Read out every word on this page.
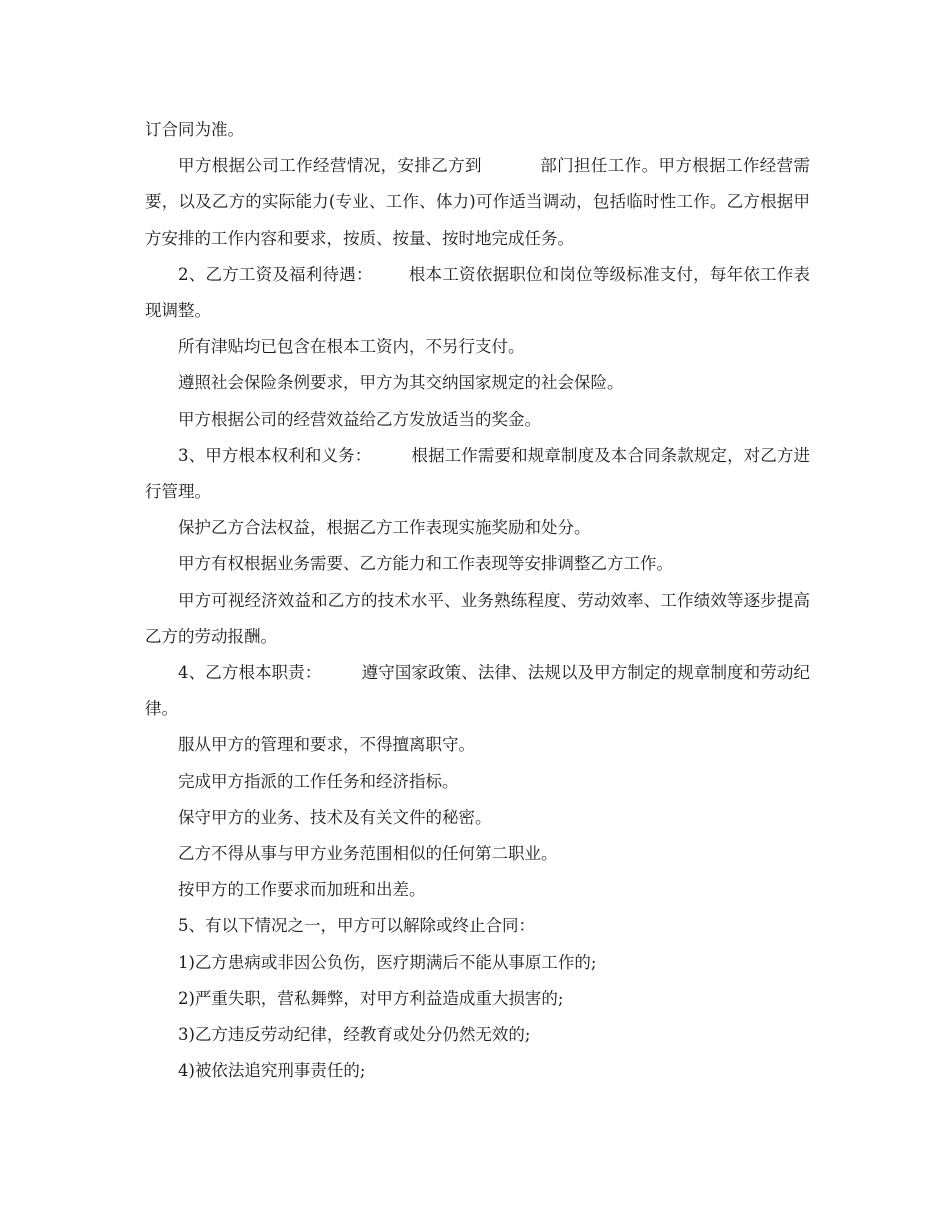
订合同为准。

甲方根据公司工作经营情况，安排乙方到	部门担任工作。甲方根据工作经营需要，以及乙方的实际能力(专业、工作、体力)可作适当调动，包括临时性工作。乙方根据甲方安排的工作内容和要求，按质、按量、按时地完成任务。

2、乙方工资及福利待遇： 根本工资依据职位和岗位等级标准支付，每年依工作表现调整。

所有津贴均已包含在根本工资内，不另行支付。

遵照社会保险条例要求，甲方为其交纳国家规定的社会保险。

甲方根据公司的经营效益给乙方发放适当的奖金。

3、甲方根本权利和义务： 根据工作需要和规章制度及本合同条款规定，对乙方进行管理。

保护乙方合法权益，根据乙方工作表现实施奖励和处分。

甲方有权根据业务需要、乙方能力和工作表现等安排调整乙方工作。

甲方可视经济效益和乙方的技术水平、业务熟练程度、劳动效率、工作绩效等逐步提高乙方的劳动报酬。

4、乙方根本职责： 遵守国家政策、法律、法规以及甲方制定的规章制度和劳动纪律。

服从甲方的管理和要求，不得擅离职守。

完成甲方指派的工作任务和经济指标。

保守甲方的业务、技术及有关文件的秘密。

乙方不得从事与甲方业务范围相似的任何第二职业。

按甲方的工作要求而加班和出差。

5、有以下情况之一，甲方可以解除或终止合同：

1)乙方患病或非因公负伤，医疗期满后不能从事原工作的;

2)严重失职，营私舞弊，对甲方利益造成重大损害的;

3)乙方违反劳动纪律，经教育或处分仍然无效的;

4)被依法追究刑事责任的;
